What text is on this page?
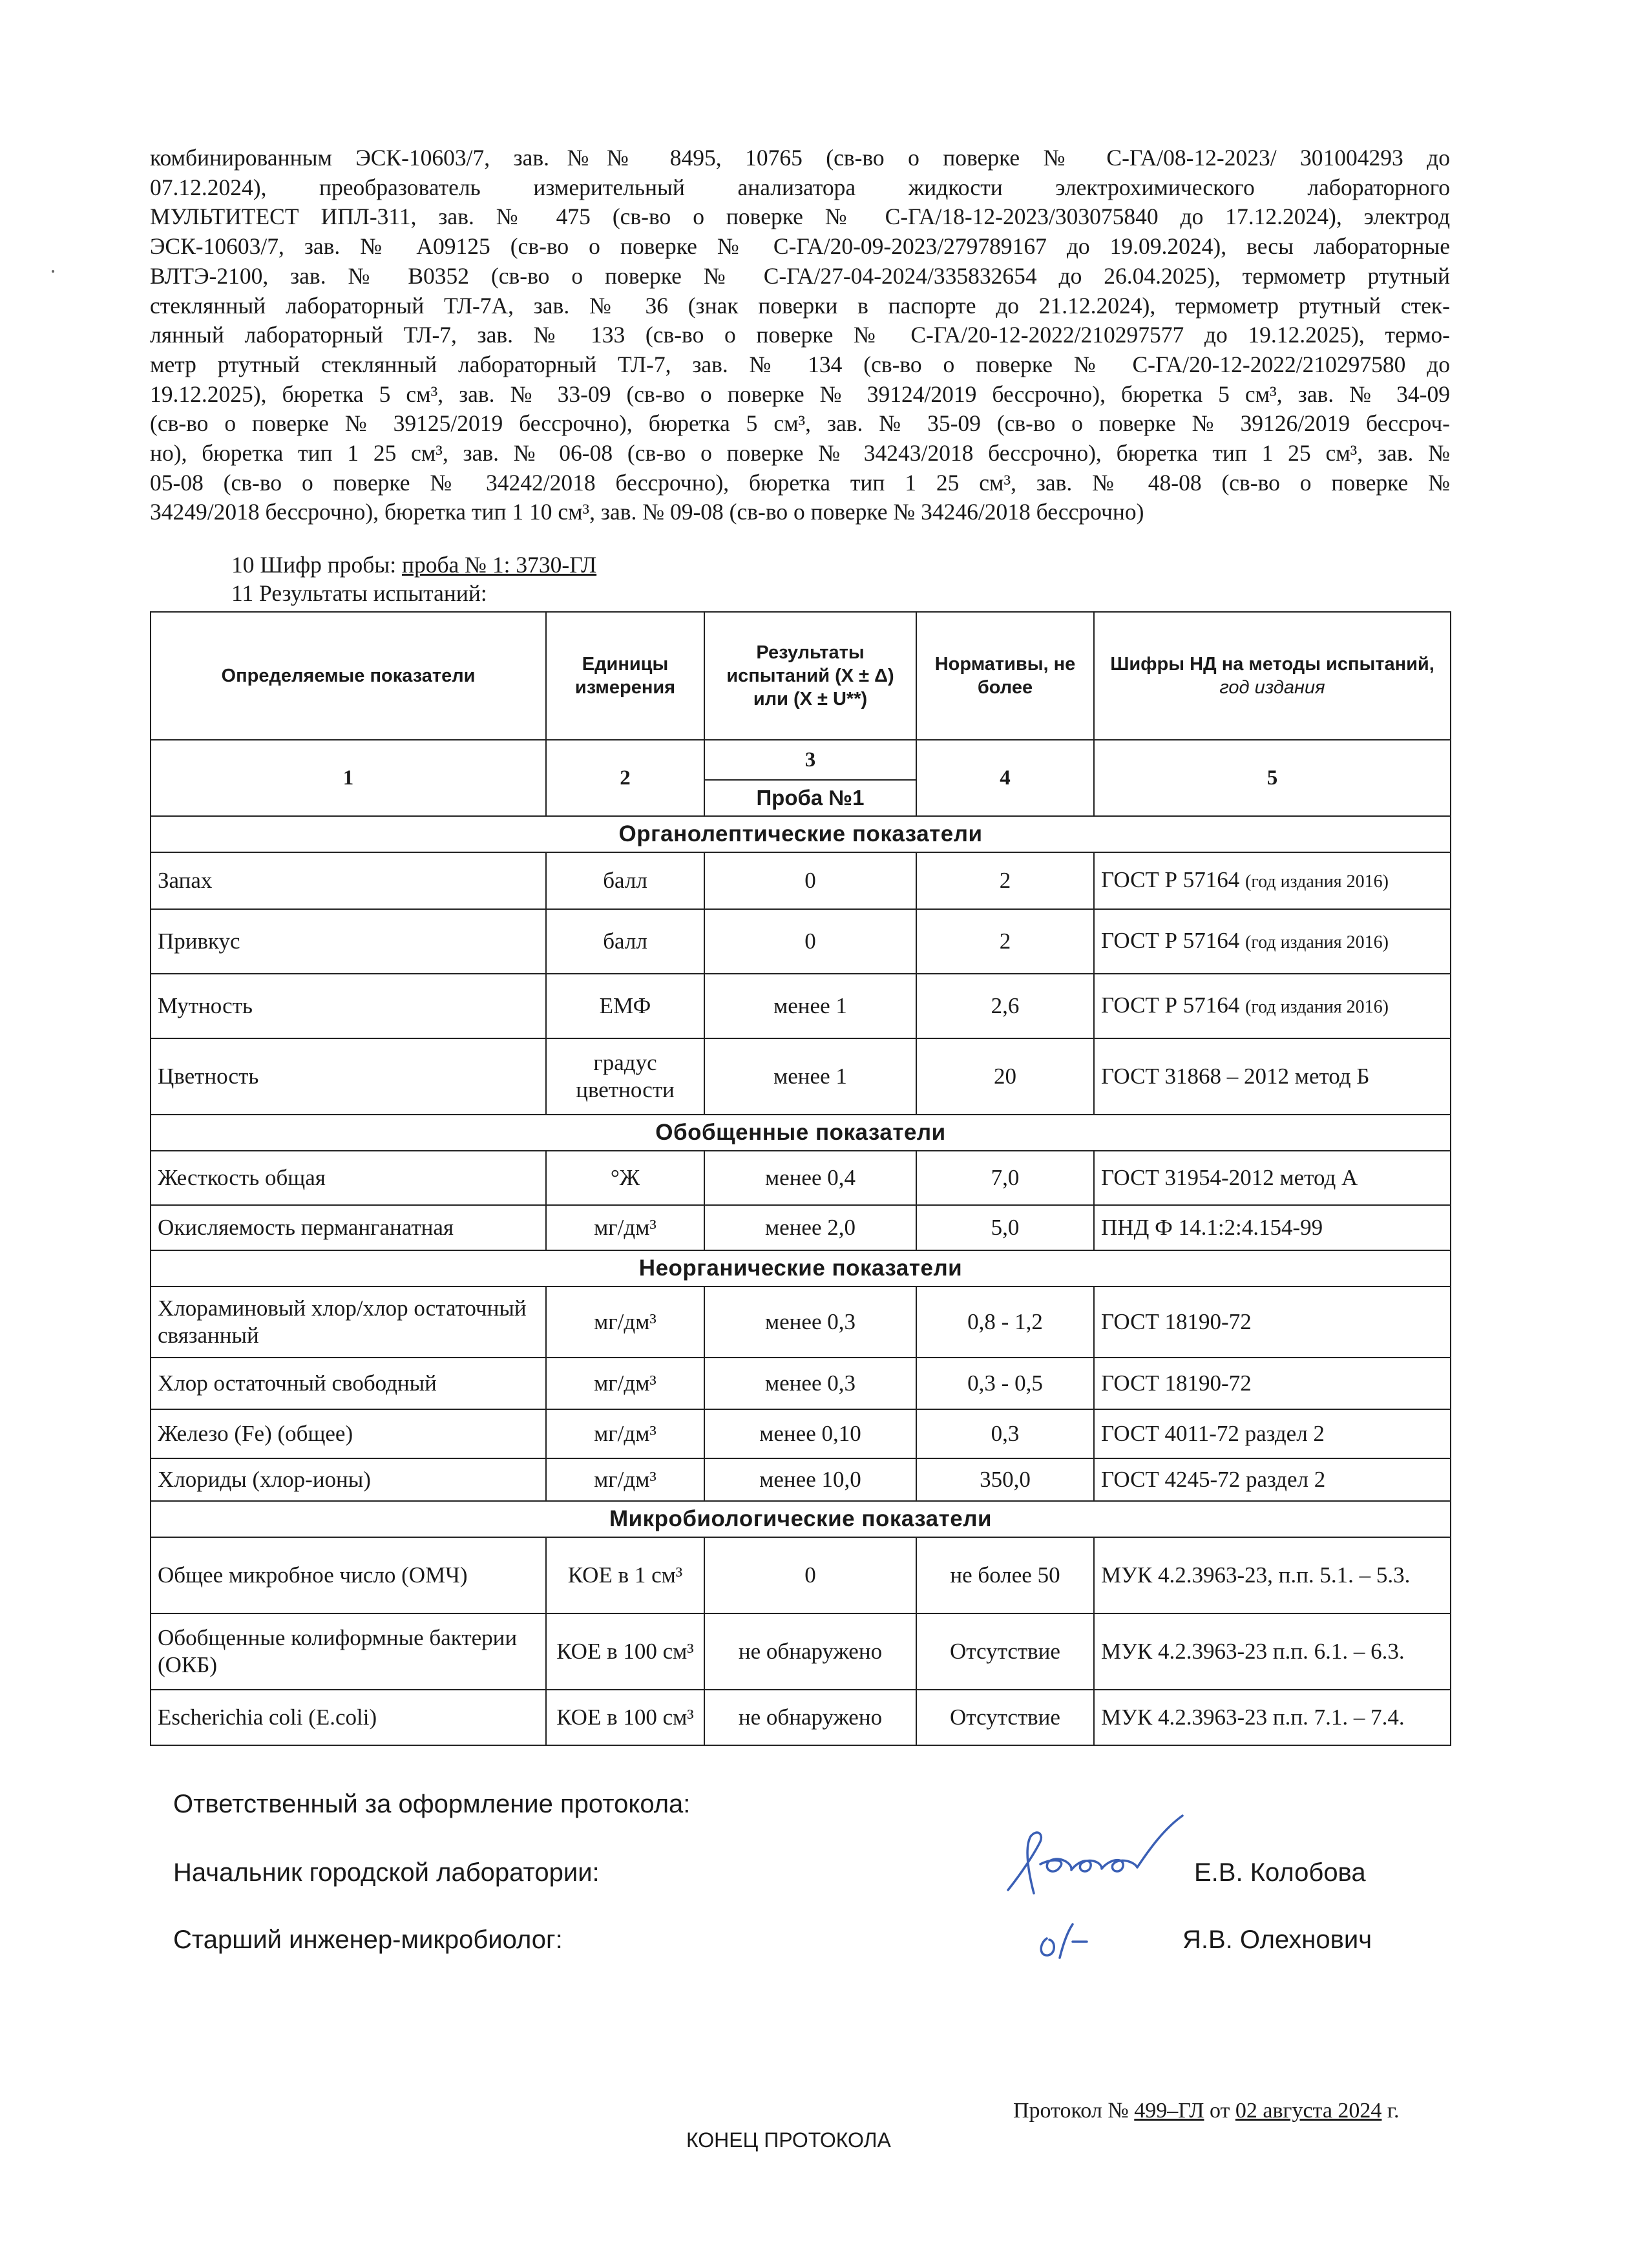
комбинированным ЭСК-10603/7, зав.№№ 8495, 10765 (св-во о поверке № С-ГА/08-12-2023/ 301004293 до
07.12.2024), преобразователь измерительный анализатора жидкости электрохимического лабораторного
МУЛЬТИТЕСТ ИПЛ-311, зав. № 475 (св-во о поверке № С-ГА/18-12-2023/303075840 до 17.12.2024), электрод
ЭСК-10603/7, зав. № А09125 (св-во о поверке № С-ГА/20-09-2023/279789167 до 19.09.2024), весы лабораторные
ВЛТЭ-2100, зав. № В0352 (св-во о поверке № С-ГА/27-04-2024/335832654 до 26.04.2025), термометр ртутный
стеклянный лабораторный ТЛ-7А, зав. № 36 (знак поверки в паспорте до 21.12.2024), термометр ртутный стек-
лянный лабораторный ТЛ-7, зав. № 133 (св-во о поверке № С-ГА/20-12-2022/210297577 до 19.12.2025), термо-
метр ртутный стеклянный лабораторный ТЛ-7, зав. № 134 (св-во о поверке № С-ГА/20-12-2022/210297580 до
19.12.2025), бюретка 5 см³, зав. № 33-09 (св-во о поверке № 39124/2019 бессрочно), бюретка 5 см³, зав. № 34-09
(св-во о поверке № 39125/2019 бессрочно), бюретка 5 см³, зав. № 35-09 (св-во о поверке № 39126/2019 бессроч-
но), бюретка тип 1 25 см³, зав. № 06-08 (св-во о поверке № 34243/2018 бессрочно), бюретка тип 1 25 см³, зав. №
05-08 (св-во о поверке № 34242/2018 бессрочно), бюретка тип 1 25 см³, зав. № 48-08 (св-во о поверке №
34249/2018 бессрочно), бюретка тип 1 10 см³, зав. № 09-08 (св-во о поверке № 34246/2018 бессрочно)
10 Шифр пробы: проба № 1: 3730-ГЛ
11 Результаты испытаний:
Определяемые показатели	Единицы измерения	Результаты испытаний (X ± Δ) или (X ± U**)	Нормативы, не более	Шифры НД на методы испытаний,
год издания
1	2	3	4	5
		Проба №1		
Органолептические показатели				
Запах	балл	0	2	ГОСТ Р 57164 (год издания 2016)
Привкус	балл	0	2	ГОСТ Р 57164 (год издания 2016)
Мутность	ЕМФ	менее 1	2,6	ГОСТ Р 57164 (год издания 2016)
Цветность	градус цветности	менее 1	20	ГОСТ 31868 – 2012 метод Б
Обобщенные показатели				
Жесткость общая	°Ж	менее 0,4	7,0	ГОСТ 31954-2012 метод А
Окисляемость перманганатная	мг/дм³	менее 2,0	5,0	ПНД Ф 14.1:2:4.154-99
Неорганические показатели				
Хлораминовый хлор/хлор остаточный связанный	мг/дм³	менее 0,3	0,8 - 1,2	ГОСТ 18190-72
Хлор остаточный свободный	мг/дм³	менее 0,3	0,3 - 0,5	ГОСТ 18190-72
Железо (Fe) (общее)	мг/дм³	менее 0,10	0,3	ГОСТ 4011-72 раздел 2
Хлориды (хлор-ионы)	мг/дм³	менее 10,0	350,0	ГОСТ 4245-72 раздел 2
Микробиологические показатели				
Общее микробное число (ОМЧ)	КОЕ в 1 см³	0	не более 50	МУК 4.2.3963-23, п.п. 5.1. – 5.3.
Обобщенные колиформные бактерии (ОКБ)	КОЕ в 100 см³	не обнаружено	Отсутствие	МУК 4.2.3963-23 п.п. 6.1. – 6.3.
Escherichia coli (E.coli)	КОЕ в 100 см³	не обнаружено	Отсутствие	МУК 4.2.3963-23 п.п. 7.1. – 7.4.
Ответственный за оформление протокола:
Начальник городской лаборатории:	Е.В. Колобова
Старший инженер-микробиолог:	Я.В. Олехнович
Протокол № 499–ГЛ от 02 августа 2024 г.
КОНЕЦ ПРОТОКОЛА
